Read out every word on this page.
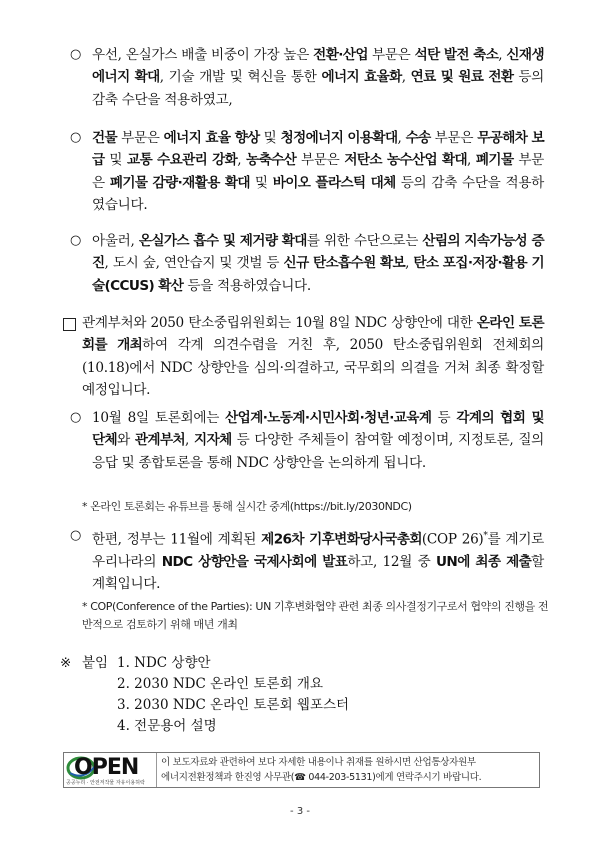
○ 우선, 온실가스 배출 비중이 가장 높은 전환·산업 부문은 석탄 발전 축소, 신재생에너지 확대, 기술 개발 및 혁신을 통한 에너지 효율화, 연료 및 원료 전환 등의 감축 수단을 적용하였고,
○ 건물 부문은 에너지 효율 향상 및 청정에너지 이용확대, 수송 부문은 무공해차 보급 및 교통 수요관리 강화, 농축수산 부문은 저탄소 농수산업 확대, 폐기물 부문은 폐기물 감량·재활용 확대 및 바이오 플라스틱 대체 등의 감축 수단을 적용하였습니다.
○ 아울러, 온실가스 흡수 및 제거량 확대를 위한 수단으로는 산림의 지속가능성 증진, 도시 숲, 연안습지 및 갯벌 등 신규 탄소흡수원 확보, 탄소 포집·저장·활용 기술(CCUS) 확산 등을 적용하였습니다.
관계부처와 2050 탄소중립위원회는 10월 8일 NDC 상향안에 대한 온라인 토론회를 개최하여 각계 의견수렴을 거친 후, 2050 탄소중립위원회 전체회의(10.18)에서 NDC 상향안을 심의·의결하고, 국무회의 의결을 거쳐 최종 확정할 예정입니다.
○ 10월 8일 토론회에는 산업계·노동계·시민사회·청년·교육계 등 각계의 협회 및 단체와 관계부처, 지자체 등 다양한 주체들이 참여할 예정이며, 지정토론, 질의응답 및 종합토론을 통해 NDC 상향안을 논의하게 됩니다.
* 온라인 토론회는 유튜브를 통해 실시간 중계(https://bit.ly/2030NDC)
○ 한편, 정부는 11월에 계획된 제26차 기후변화당사국총회(COP 26)*를 계기로 우리나라의 NDC 상향안을 국제사회에 발표하고, 12월 중 UN에 최종 제출할 계획입니다.
* COP(Conference of the Parties): UN 기후변화협약 관련 최종 의사결정기구로서 협약의 진행을 전반적으로 검토하기 위해 매년 개최
※ 붙임 1. NDC 상향안
2. 2030 NDC 온라인 토론회 개요
3. 2030 NDC 온라인 토론회 웹포스터
4. 전문용어 설명
OPEN
공공누리 · 안전저작물 자유이용허락
이 보도자료와 관련하여 보다 자세한 내용이나 취재를 원하시면 산업통상자원부
에너지전환정책과 한진영 사무관(☎ 044-203-5131)에게 연락주시기 바랍니다.
- 3 -
